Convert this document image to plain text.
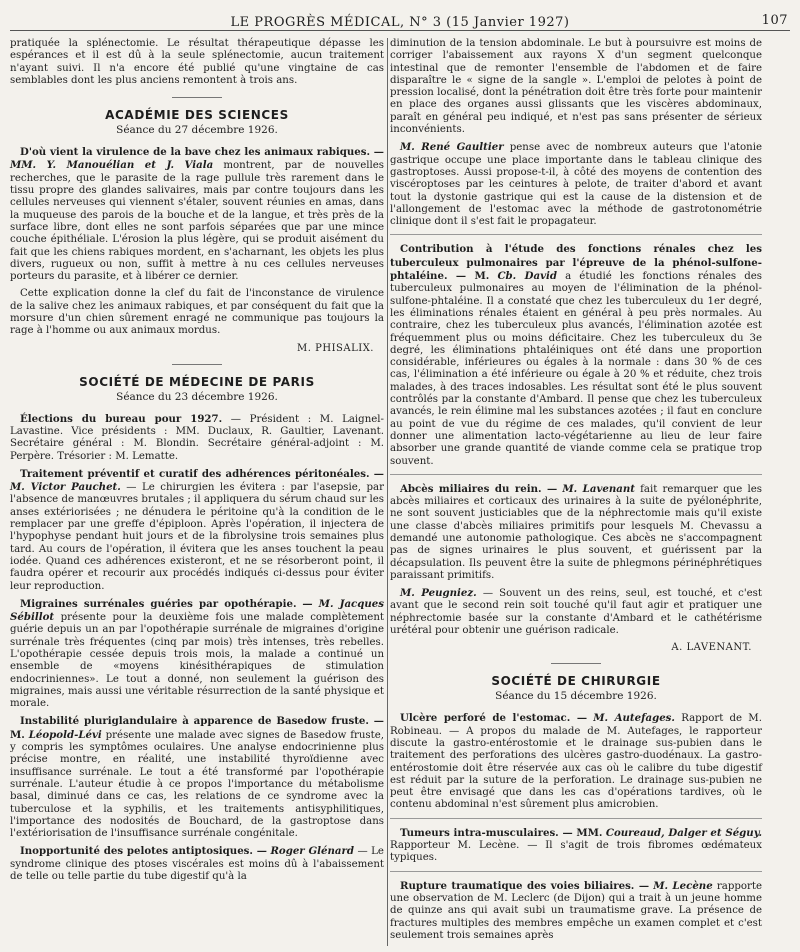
LE PROGRÈS MÉDICAL, N° 3 (15 Janvier 1927)	107

pratiquée la splénectomie. Le résultat thérapeutique dépasse les espérances et il est dû à la seule splénectomie, aucun traitement n'ayant suivi. Il n'a encore été publié qu'une vingtaine de cas semblables dont les plus anciens remontent à trois ans.

ACADÉMIE DES SCIENCES
Séance du 27 décembre 1926.

D'où vient la virulence de la bave chez les animaux rabiques. — MM. Y. Manouélian et J. Viala montrent, par de nouvelles recherches, que le parasite de la rage pullule très rarement dans le tissu propre des glandes salivaires, mais par contre toujours dans les cellules nerveuses qui viennent s'étaler, souvent réunies en amas, dans la muqueuse des parois de la bouche et de la langue, et très près de la surface libre, dont elles ne sont parfois séparées que par une mince couche épithéliale. L'érosion la plus légère, qui se produit aisément du fait que les chiens rabiques mordent, en s'acharnant, les objets les plus divers, rugueux ou non, suffit à mettre à nu ces cellules nerveuses porteurs du parasite, et à libérer ce dernier.

Cette explication donne la clef du fait de l'inconstance de virulence de la salive chez les animaux rabiques, et par conséquent du fait que la morsure d'un chien sûrement enragé ne communique pas toujours la rage à l'homme ou aux animaux mordus.

M. PHISALIX.
SOCIÉTÉ DE MÉDECINE DE PARIS
Séance du 23 décembre 1926.

Élections du bureau pour 1927. — Président : M. Laignel-Lavastine. Vice présidents : MM. Duclaux, R. Gaultier, Lavenant. Secrétaire général : M. Blondin. Secrétaire général-adjoint : M. Perpère. Trésorier : M. Lematte.

Traitement préventif et curatif des adhérences péritonéales. — M. Victor Pauchet. — Le chirurgien les évitera : par l'asepsie, par l'absence de manœuvres brutales ; il appliquera du sérum chaud sur les anses extériorisées ; ne dénudera le péritoine qu'à la condition de le remplacer par une greffe d'épiploon. Après l'opération, il injectera de l'hypophyse pendant huit jours et de la fibrolysine trois semaines plus tard. Au cours de l'opération, il évitera que les anses touchent la peau iodée. Quand ces adhérences existeront, et ne se résorberont point, il faudra opérer et recourir aux procédés indiqués ci-dessus pour éviter leur reproduction.

Migraines surrénales guéries par opothérapie. — M. Jacques Sébillot présente pour la deuxième fois une malade complètement guérie depuis un an par l'opothérapie surrénale de migraines d'origine surrénale très fréquentes (cinq par mois) très intenses, très rebelles. L'opothérapie cessée depuis trois mois, la malade a continué un ensemble de «moyens kinésithérapiques de stimulation endocriniennes». Le tout a donné, non seulement la guérison des migraines, mais aussi une véritable résurrection de la santé physique et morale.

Instabilité pluriglandulaire à apparence de Basedow fruste. — M. Léopold-Lévi présente une malade avec signes de Basedow fruste, y compris les symptômes oculaires. Une analyse endocrinienne plus précise montre, en réalité, une instabilité thyroïdienne avec insuffisance surrénale. Le tout a été transformé par l'opothérapie surrénale. L'auteur étudie à ce propos l'importance du métabolisme basal, diminué dans ce cas, les relations de ce syndrome avec la tuberculose et la syphilis, et les traitements antisyphilitiques, l'importance des nodosités de Bouchard, de la gastroptose dans l'extériorisation de l'insuffisance surrénale congénitale.

Inopportunité des pelotes antiptosiques. — Roger Glénard — Le syndrome clinique des ptoses viscérales est moins dû à l'abaissement de telle ou telle partie du tube digestif qu'à la

diminution de la tension abdominale. Le but à poursuivre est moins de corriger l'abaissement aux rayons X d'un segment quelconque intestinal que de remonter l'ensemble de l'abdomen et de faire disparaître le « signe de la sangle ». L'emploi de pelotes à point de pression localisé, dont la pénétration doit être très forte pour maintenir en place des organes aussi glissants que les viscères abdominaux, paraît en général peu indiqué, et n'est pas sans présenter de sérieux inconvénients.

M. René Gaultier pense avec de nombreux auteurs que l'atonie gastrique occupe une place importante dans le tableau clinique des gastroptoses. Aussi propose-t-il, à côté des moyens de contention des viscéroptoses par les ceintures à pelote, de traiter d'abord et avant tout la dystonie gastrique qui est la cause de la distension et de l'allongement de l'estomac avec la méthode de gastrotonométrie clinique dont il s'est fait le propagateur.

Contribution à l'étude des fonctions rénales chez les tuberculeux pulmonaires par l'épreuve de la phénol-sulfone-phtaléine. — M. Cb. David a étudié les fonctions rénales des tuberculeux pulmonaires au moyen de l'élimination de la phénol-sulfone-phtaléine. Il a constaté que chez les tuberculeux du 1er degré, les éliminations rénales étaient en général à peu près normales. Au contraire, chez les tuberculeux plus avancés, l'élimination azotée est fréquemment plus ou moins déficitaire. Chez les tuberculeux du 3e degré, les éliminations phtaléiniques ont été dans une proportion considérable, inférieures ou égales à la normale : dans 30 % de ces cas, l'élimination a été inférieure ou égale à 20 % et réduite, chez trois malades, à des traces indosables. Les résultat sont été le plus souvent contrôlés par la constante d'Ambard. Il pense que chez les tuberculeux avancés, le rein élimine mal les substances azotées ; il faut en conclure au point de vue du régime de ces malades, qu'il convient de leur donner une alimentation lacto-végétarienne au lieu de leur faire absorber une grande quantité de viande comme cela se pratique trop souvent.

Abcès miliaires du rein. — M. Lavenant fait remarquer que les abcès miliaires et corticaux des urinaires à la suite de pyélonéphrite, ne sont souvent justiciables que de la néphrectomie mais qu'il existe une classe d'abcès miliaires primitifs pour lesquels M. Chevassu a demandé une autonomie pathologique. Ces abcès ne s'accompagnent pas de signes urinaires le plus souvent, et guérissent par la décapsulation. Ils peuvent être la suite de phlegmons périnéphrétiques paraissant primitifs.

M. Peugniez. — Souvent un des reins, seul, est touché, et c'est avant que le second rein soit touché qu'il faut agir et pratiquer une néphrectomie basée sur la constante d'Ambard et le cathétérisme urétéral pour obtenir une guérison radicale.

A. LAVENANT.
SOCIÉTÉ DE CHIRURGIE
Séance du 15 décembre 1926.

Ulcère perforé de l'estomac. — M. Autefages. Rapport de M. Robineau. — A propos du malade de M. Autefages, le rapporteur discute la gastro-entérostomie et le drainage sus-pubien dans le traitement des perforations des ulcères gastro-duodénaux. La gastro-entérostomie doit être réservée aux cas où le calibre du tube digestif est réduit par la suture de la perforation. Le drainage sus-pubien ne peut être envisagé que dans les cas d'opérations tardives, où le contenu abdominal n'est sûrement plus amicrobien.

Tumeurs intra-musculaires. — MM. Coureaud, Dalger et Séguy. Rapporteur M. Lecène. — Il s'agit de trois fibromes œdémateux typiques.

Rupture traumatique des voies biliaires. — M. Lecène rapporte une observation de M. Leclerc (de Dijon) qui a trait à un jeune homme de quinze ans qui avait subi un traumatisme grave. La présence de fractures multiples des membres empêche un examen complet et c'est seulement trois semaines après
